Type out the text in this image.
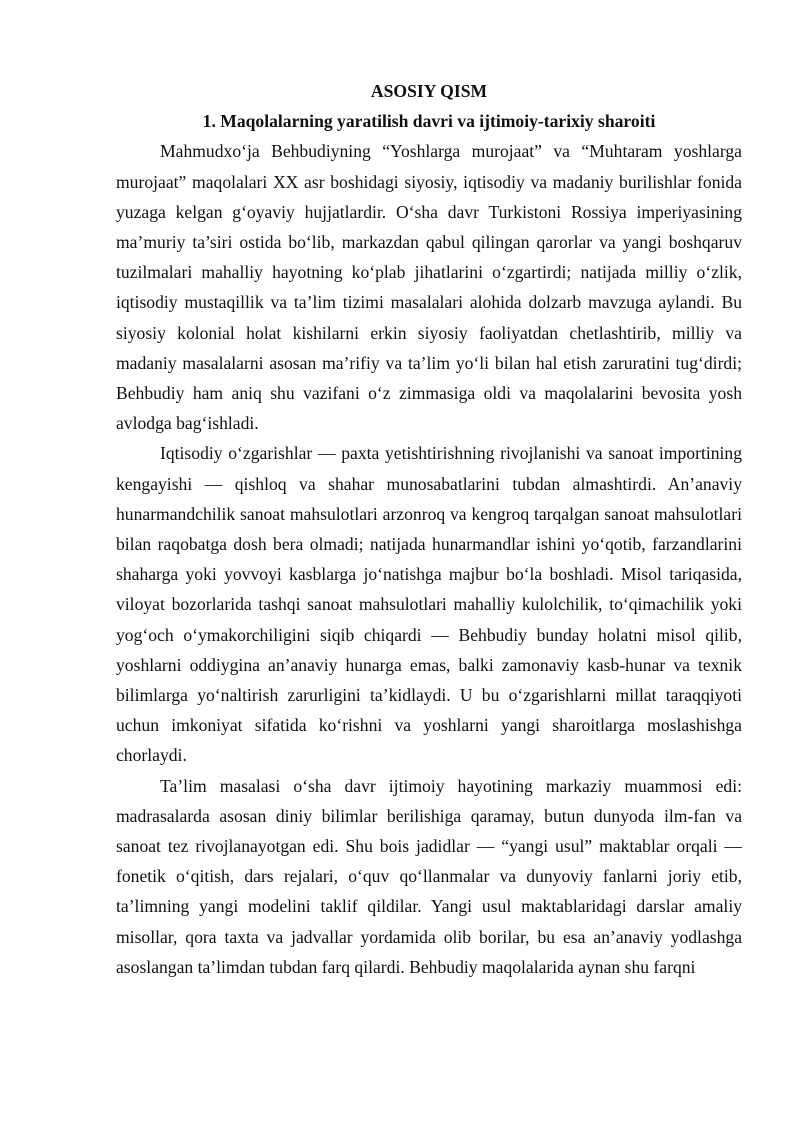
ASOSIY QISM

1. Maqolalarning yaratilish davri va ijtimoiy-tarixiy sharoiti

Mahmudxo‘ja Behbudiyning “Yoshlarga murojaat” va “Muhtaram yoshlarga murojaat” maqolalari XX asr boshidagi siyosiy, iqtisodiy va madaniy burilishlar fonida yuzaga kelgan g‘oyaviy hujjatlardir. O‘sha davr Turkistoni Rossiya imperiyasining ma’muriy ta’siri ostida bo‘lib, markazdan qabul qilingan qarorlar va yangi boshqaruv tuzilmalari mahalliy hayotning ko‘plab jihatlarini o‘zgartirdi; natijada milliy o‘zlik, iqtisodiy mustaqillik va ta’lim tizimi masalalari alohida dolzarb mavzuga aylandi. Bu siyosiy kolonial holat kishilarni erkin siyosiy faoliyatdan chetlashtirib, milliy va madaniy masalalarni asosan ma’rifiy va ta’lim yo‘li bilan hal etish zaruratini tug‘dirdi; Behbudiy ham aniq shu vazifani o‘z zimmasiga oldi va maqolalarini bevosita yosh avlodga bag‘ishladi.

Iqtisodiy o‘zgarishlar — paxta yetishtirishning rivojlanishi va sanoat importining kengayishi — qishloq va shahar munosabatlarini tubdan almashtirdi. An’anaviy hunarmandchilik sanoat mahsulotlari arzonroq va kengroq tarqalgan sanoat mahsulotlari bilan raqobatga dosh bera olmadi; natijada hunarmandlar ishini yo‘qotib, farzandlarini shaharga yoki yovvoyi kasblarga jo‘natishga majbur bo‘la boshladi. Misol tariqasida, viloyat bozorlarida tashqi sanoat mahsulotlari mahalliy kulolchilik, to‘qimachilik yoki yog‘och o‘ymakorchiligini siqib chiqardi — Behbudiy bunday holatni misol qilib, yoshlarni oddiygina an’anaviy hunarga emas, balki zamonaviy kasb-hunar va texnik bilimlarga yo‘naltirish zarurligini ta’kidlaydi. U bu o‘zgarishlarni millat taraqqiyoti uchun imkoniyat sifatida ko‘rishni va yoshlarni yangi sharoitlarga moslashishga chorlaydi.

Ta’lim masalasi o‘sha davr ijtimoiy hayotining markaziy muammosi edi: madrasalarda asosan diniy bilimlar berilishiga qaramay, butun dunyoda ilm-fan va sanoat tez rivojlanayotgan edi. Shu bois jadidlar — “yangi usul” maktablar orqali — fonetik o‘qitish, dars rejalari, o‘quv qo‘llanmalar va dunyoviy fanlarni joriy etib, ta’limning yangi modelini taklif qildilar. Yangi usul maktablaridagi darslar amaliy misollar, qora taxta va jadvallar yordamida olib borilar, bu esa an’anaviy yodlashga asoslangan ta’limdan tubdan farq qilardi. Behbudiy maqolalarida aynan shu farqni
